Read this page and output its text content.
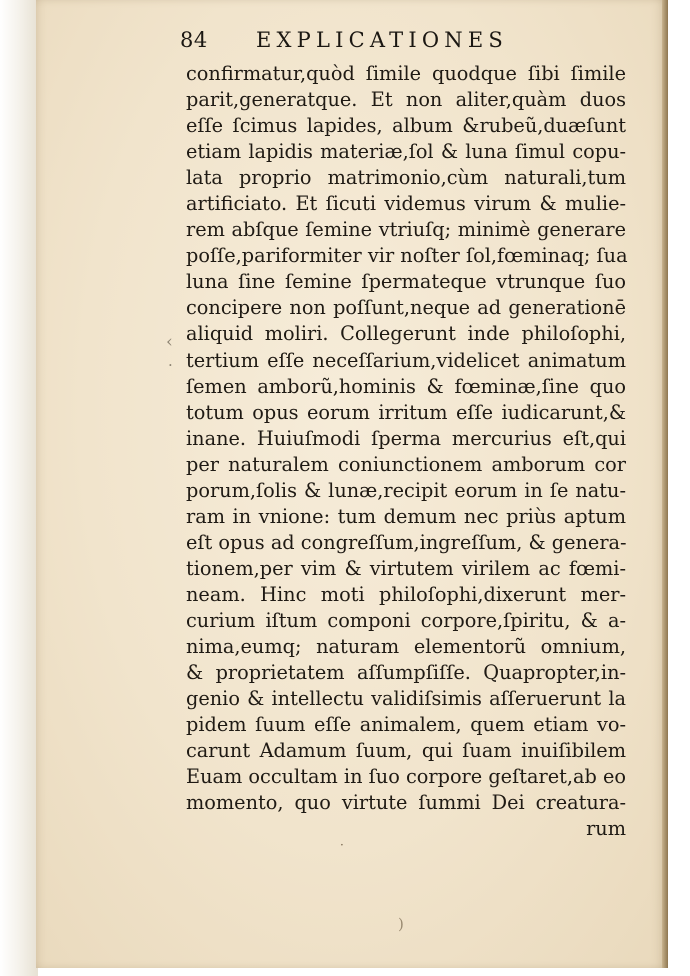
84 EXPLICATIONES
‹
·
confirmatur,quòd ſimile quodque ſibi ſimile
parit,generatque. Et non aliter,quàm duos
eſſe ſcimus lapides, album &rubeũ,duæſunt
etiam lapidis materiæ,ſol & luna ſimul copu-
lata proprio matrimonio,cùm naturali,tum
artificiato. Et ſicuti videmus virum & mulie-
rem abſque ſemine vtriuſq; minimè generare
poſſe,pariformiter vir noſter ſol,fœminaq; ſua
luna ſine ſemine ſpermateque vtrunque ſuo
concipere non poſſunt,neque ad generationē
aliquid moliri. Collegerunt inde philoſophi,
tertium eſſe neceſſarium,videlicet animatum
ſemen amborũ,hominis & fœminæ,ſine quo
totum opus eorum irritum eſſe iudicarunt,&
inane. Huiuſmodi ſperma mercurius eſt,qui
per naturalem coniunctionem amborum cor
porum,ſolis & lunæ,recipit eorum in ſe natu-
ram in vnione: tum demum nec priùs aptum
eſt opus ad congreſſum,ingreſſum, & genera-
tionem,per vim & virtutem virilem ac fœmi-
neam. Hinc moti philoſophi,dixerunt mer-
curium iſtum componi corpore,ſpiritu, & a-
nima,eumq; naturam elementorũ omnium,
& proprietatem aſſumpſiſſe. Quapropter,in-
genio & intellectu validiſsimis aſſeruerunt la
pidem ſuum eſſe animalem, quem etiam vo-
carunt Adamum ſuum, qui ſuam inuiſibilem
Euam occultam in ſuo corpore geſtaret,ab eo
momento, quo virtute ſummi Dei creatura-
rum
·
)
